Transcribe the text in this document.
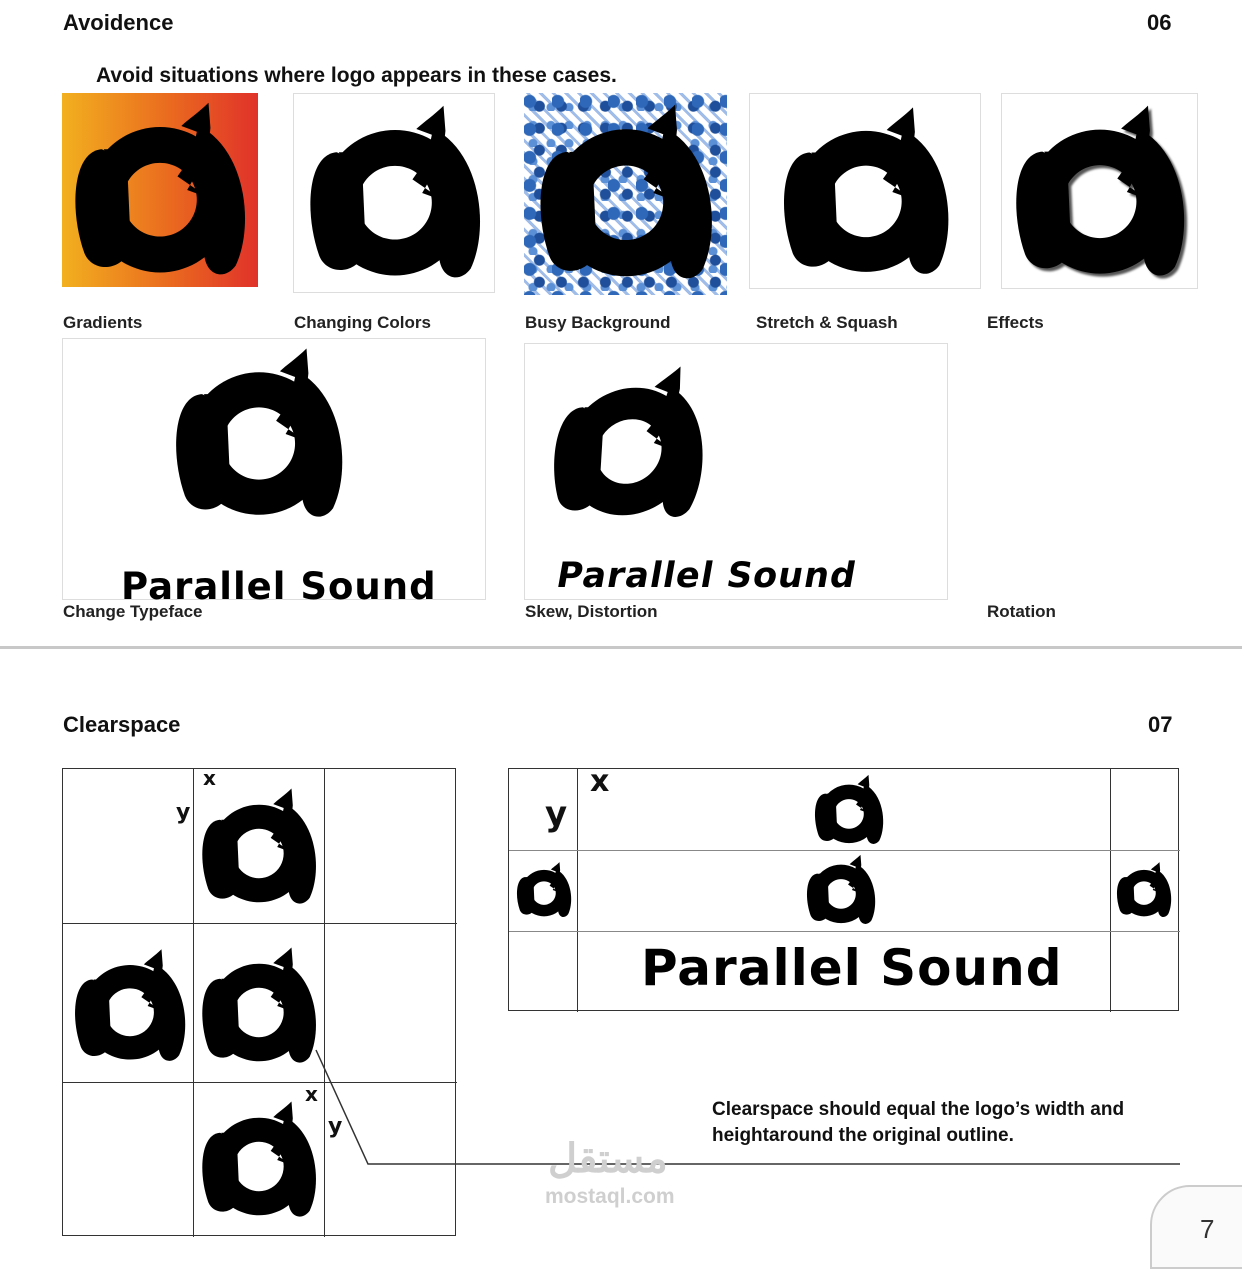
Avoidence	06
Avoid situations where logo appears in these cases.
Gradients	Changing Colors	Busy Background	Stretch & Squash	Effects
Parallel Sound	Parallel Sound
Change Typeface	Skew, Distortion	Rotation
Clearspace	07
x
y
x
y
Parallel Sound
x
y
Clearspace should equal the logo’s width and heightaround the original outline.
مستقل
mostaql.com
7
